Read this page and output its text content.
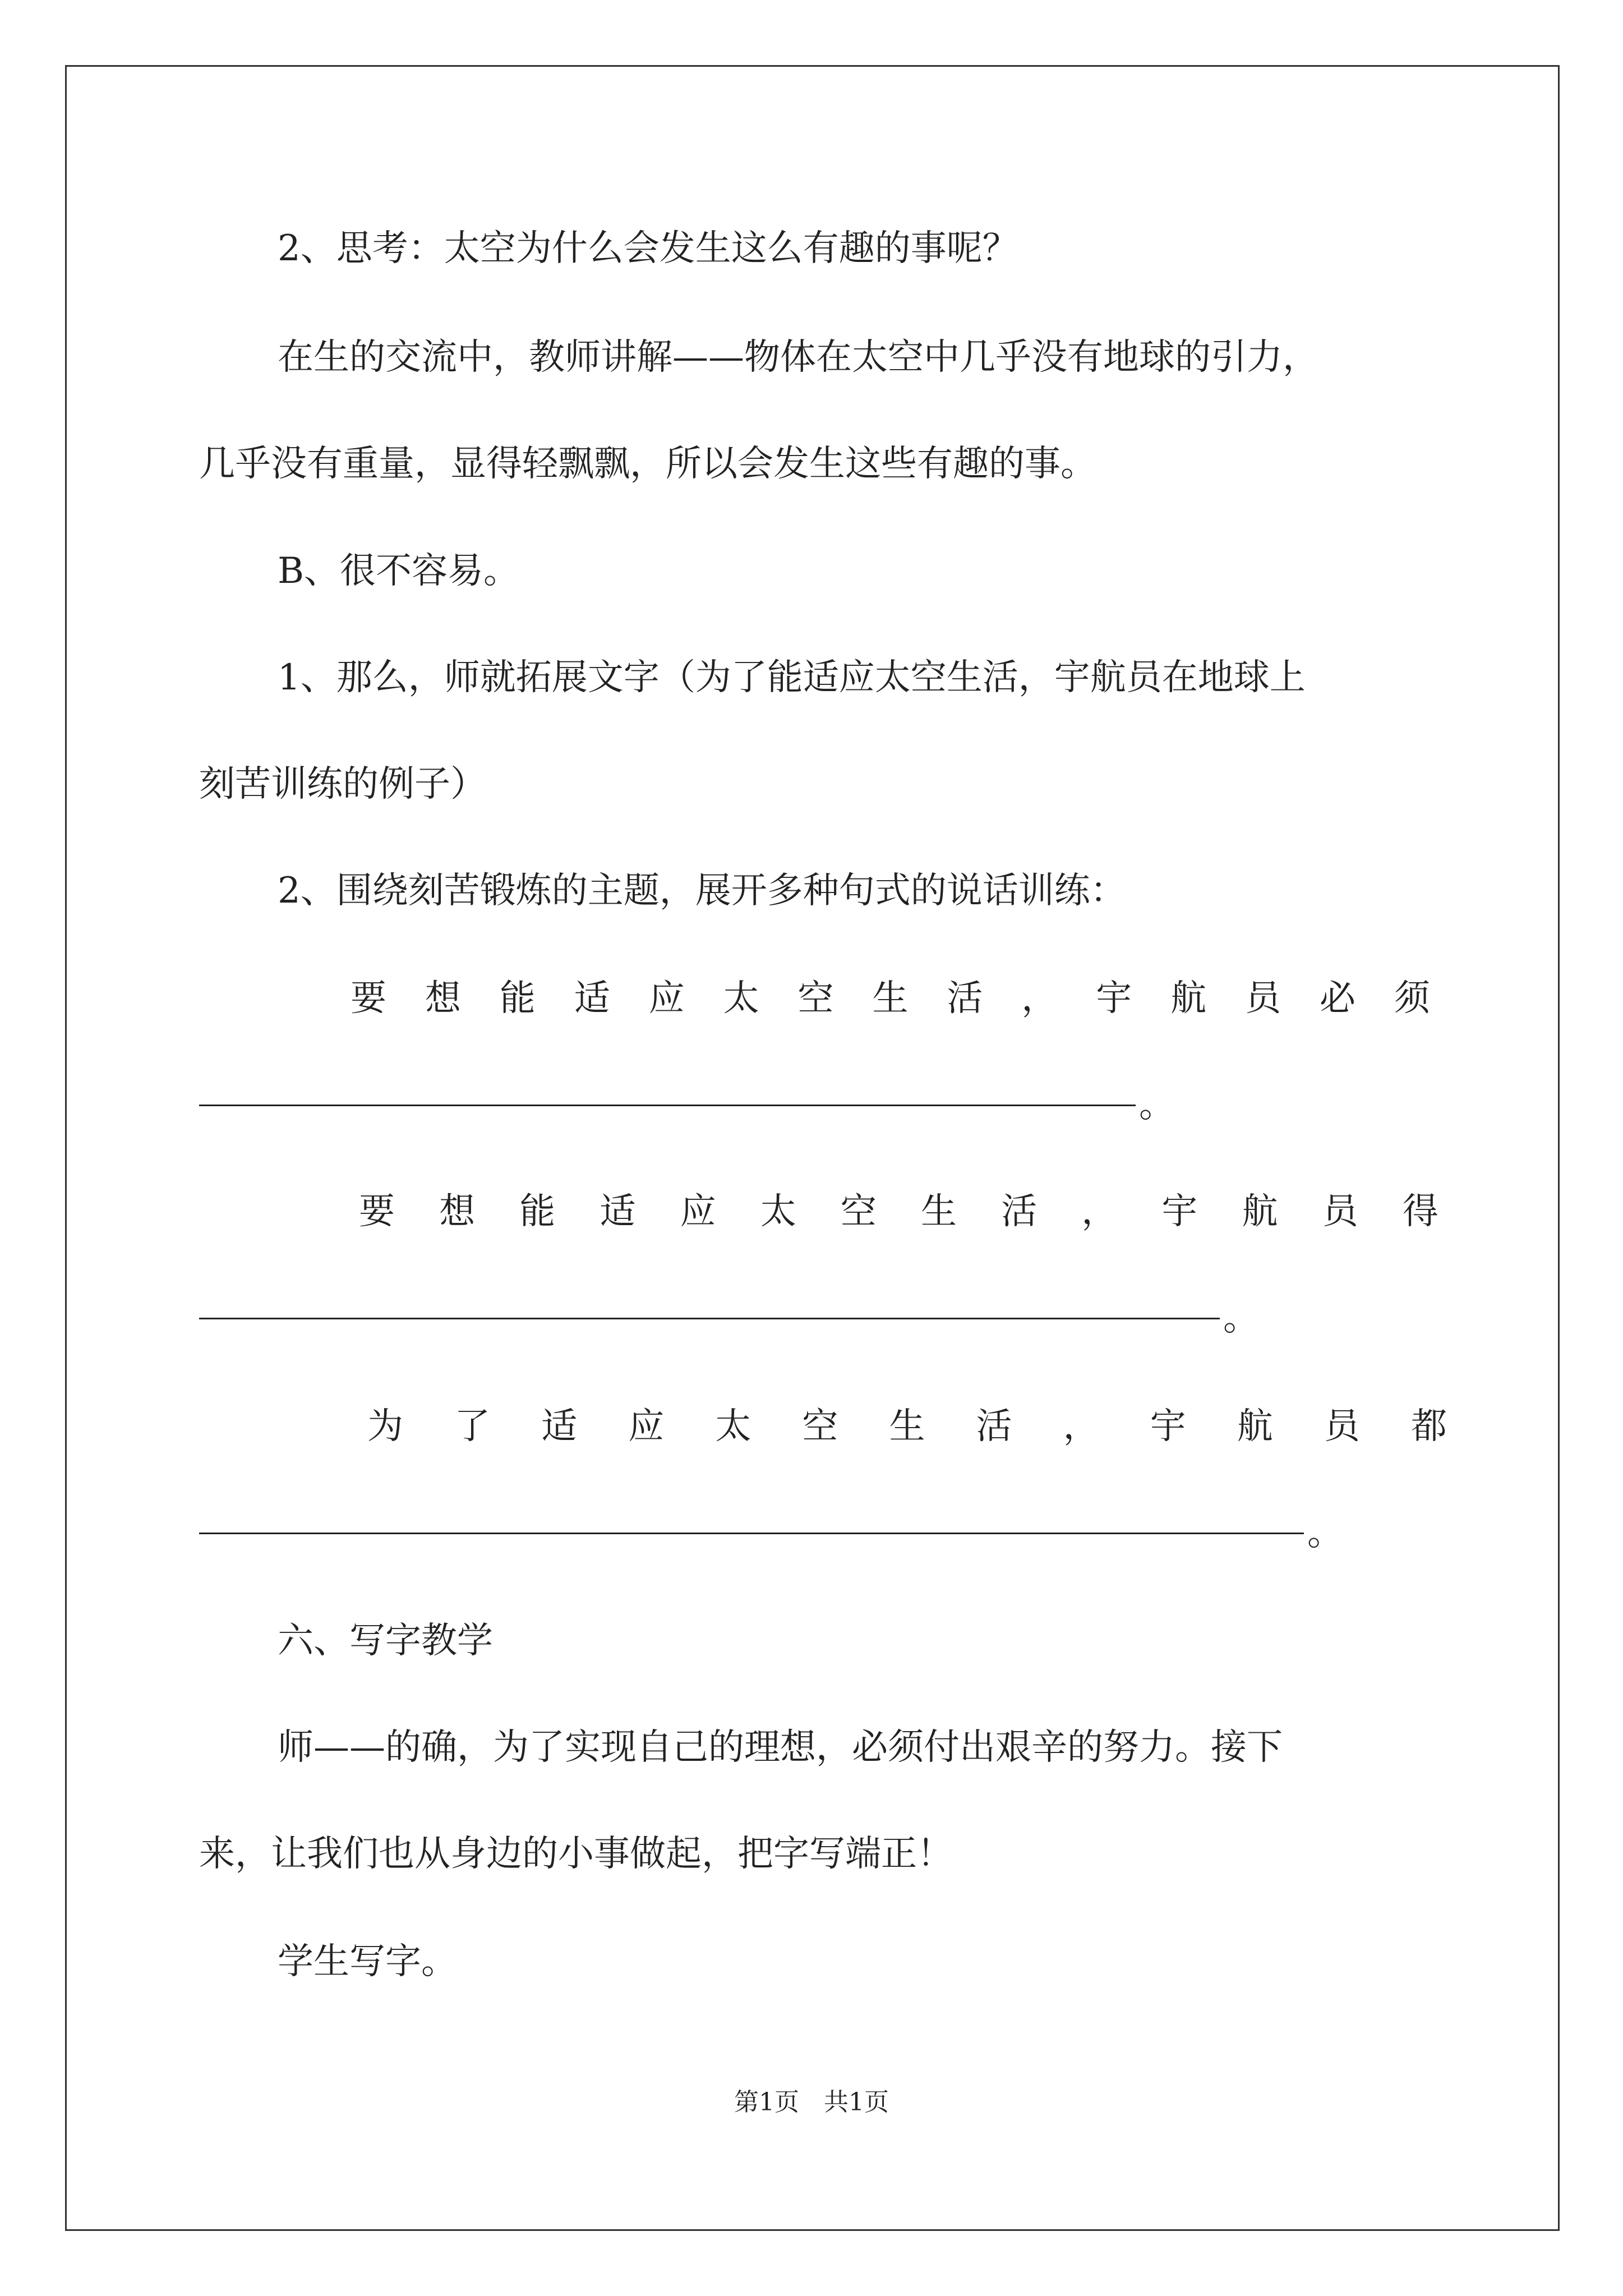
2、思考：太空为什么会发生这么有趣的事呢？
在生的交流中，教师讲解——物体在太空中几乎没有地球的引力，
几乎没有重量，显得轻飘飘，所以会发生这些有趣的事。
B、很不容易。
1、那么，师就拓展文字（为了能适应太空生活，宇航员在地球上
刻苦训练的例子）
2、围绕刻苦锻炼的主题，展开多种句式的说话训练：
要 想 能 适 应 太 空 生 活 ， 宇 航 员 必 须
。
要 想 能 适 应 太 空 生 活 ， 宇 航 员 得
。
为 了 适 应 太 空 生 活 ， 宇 航 员 都
。
六、写字教学
师——的确，为了实现自己的理想，必须付出艰辛的努力。接下
来，让我们也从身边的小事做起，把字写端正！
学生写字。
第1页　共1页
